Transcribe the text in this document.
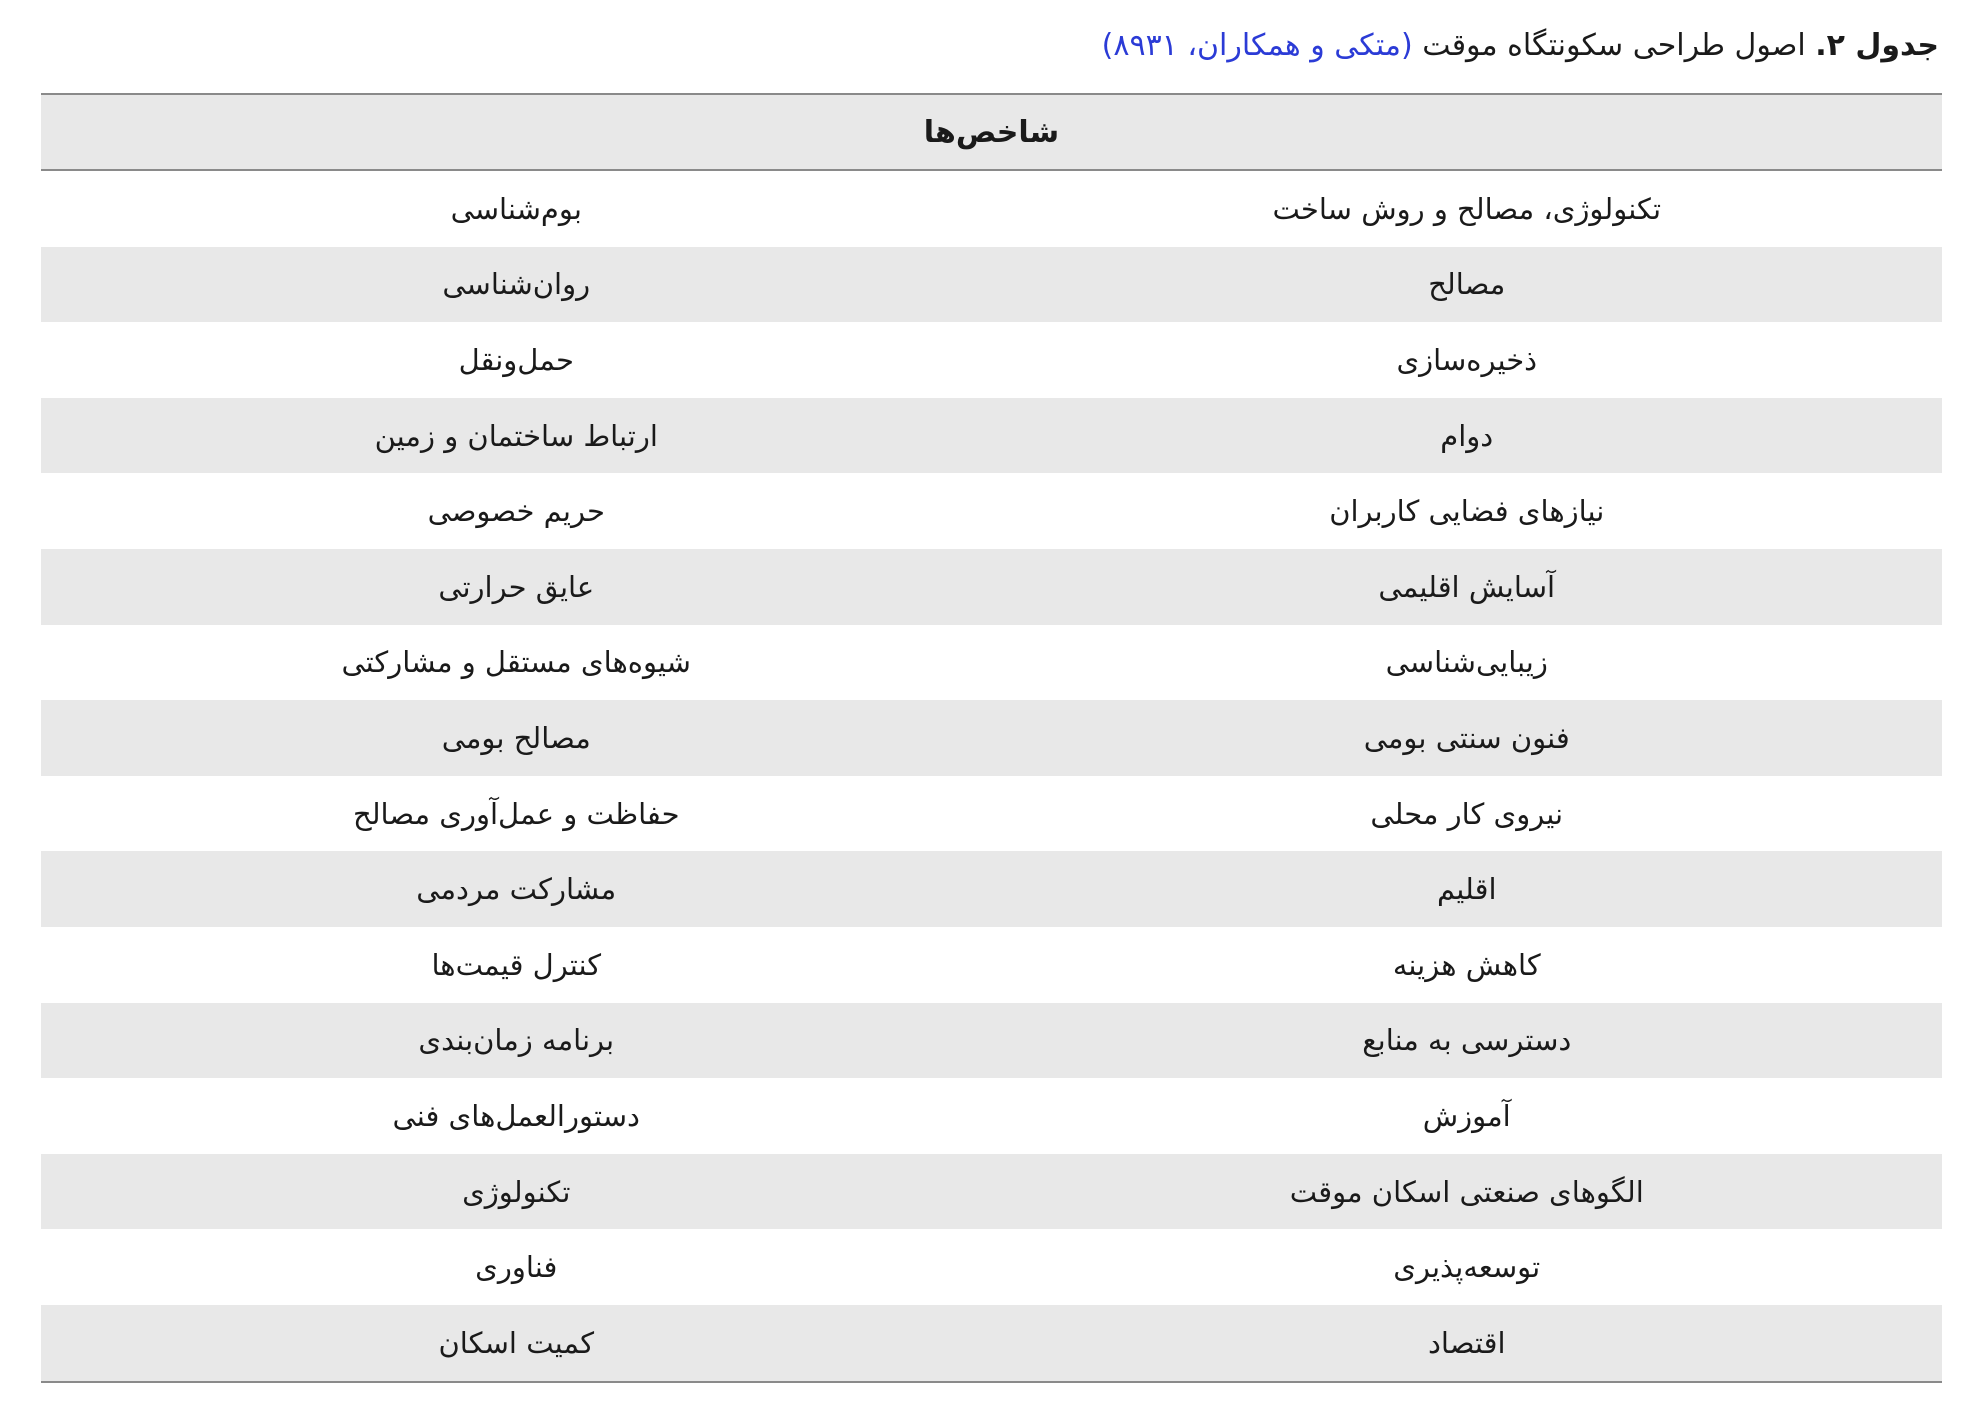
جدول ۲. اصول طراحی سکونتگاه موقت (متکی و همکاران، ۸۹۳۱)
شاخص‌ها	
تکنولوژی، مصالح و روش ساخت	بوم‌شناسی
مصالح	روان‌شناسی
ذخیره‌سازی	حمل‌ونقل
دوام	ارتباط ساختمان و زمین
نیازهای فضایی کاربران	حریم خصوصی
آسایش اقلیمی	عایق حرارتی
زیبایی‌شناسی	شیوه‌های مستقل و مشارکتی
فنون سنتی بومی	مصالح بومی
نیروی کار محلی	حفاظت و عمل‌آوری مصالح
اقلیم	مشارکت مردمی
کاهش هزینه	کنترل قیمت‌ها
دسترسی به منابع	برنامه زمان‌بندی
آموزش	دستورالعمل‌های فنی
الگوهای صنعتی اسکان موقت	تکنولوژی
توسعه‌پذیری	فناوری
اقتصاد	کمیت اسکان
